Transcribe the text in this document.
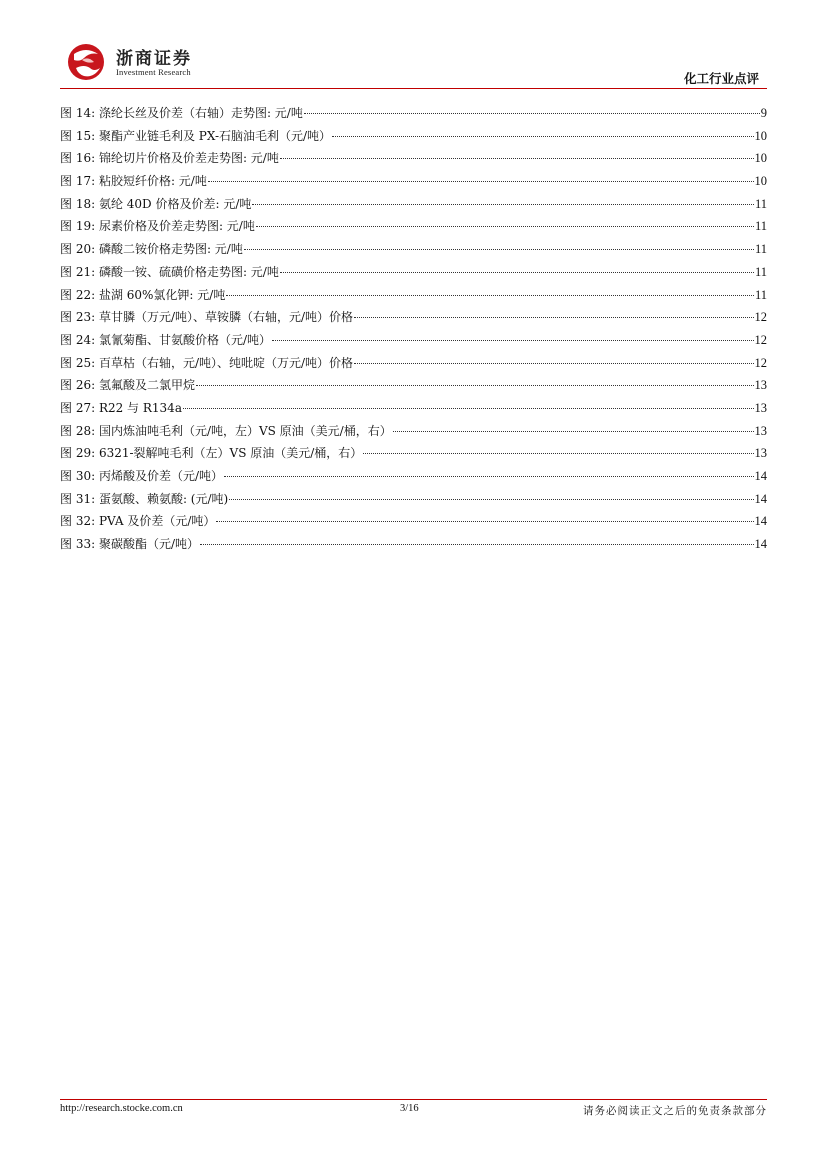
浙商证券
Investment Research	化工行业点评
图 14: 涤纶长丝及价差（右轴）走势图: 元/吨	9
图 15: 聚酯产业链毛利及 PX-石脑油毛利（元/吨）	10
图 16: 锦纶切片价格及价差走势图: 元/吨	10
图 17: 粘胶短纤价格: 元/吨	10
图 18: 氨纶 40D 价格及价差: 元/吨	11
图 19: 尿素价格及价差走势图: 元/吨	11
图 20: 磷酸二铵价格走势图: 元/吨	11
图 21: 磷酸一铵、硫磺价格走势图: 元/吨	11
图 22: 盐湖 60%氯化钾: 元/吨	11
图 23: 草甘膦（万元/吨）、草铵膦（右轴，元/吨）价格	12
图 24: 氯氰菊酯、甘氨酸价格（元/吨）	12
图 25: 百草枯（右轴，元/吨）、纯吡啶（万元/吨）价格	12
图 26: 氢氟酸及二氯甲烷	13
图 27: R22 与 R134a	13
图 28: 国内炼油吨毛利（元/吨，左）VS 原油（美元/桶，右）	13
图 29: 6321-裂解吨毛利（左）VS 原油（美元/桶，右）	13
图 30: 丙烯酸及价差（元/吨）	14
图 31: 蛋氨酸、赖氨酸: (元/吨)	14
图 32: PVA 及价差（元/吨）	14
图 33: 聚碳酸酯（元/吨）	14
http://research.stocke.com.cn	3/16	请务必阅读正文之后的免责条款部分
